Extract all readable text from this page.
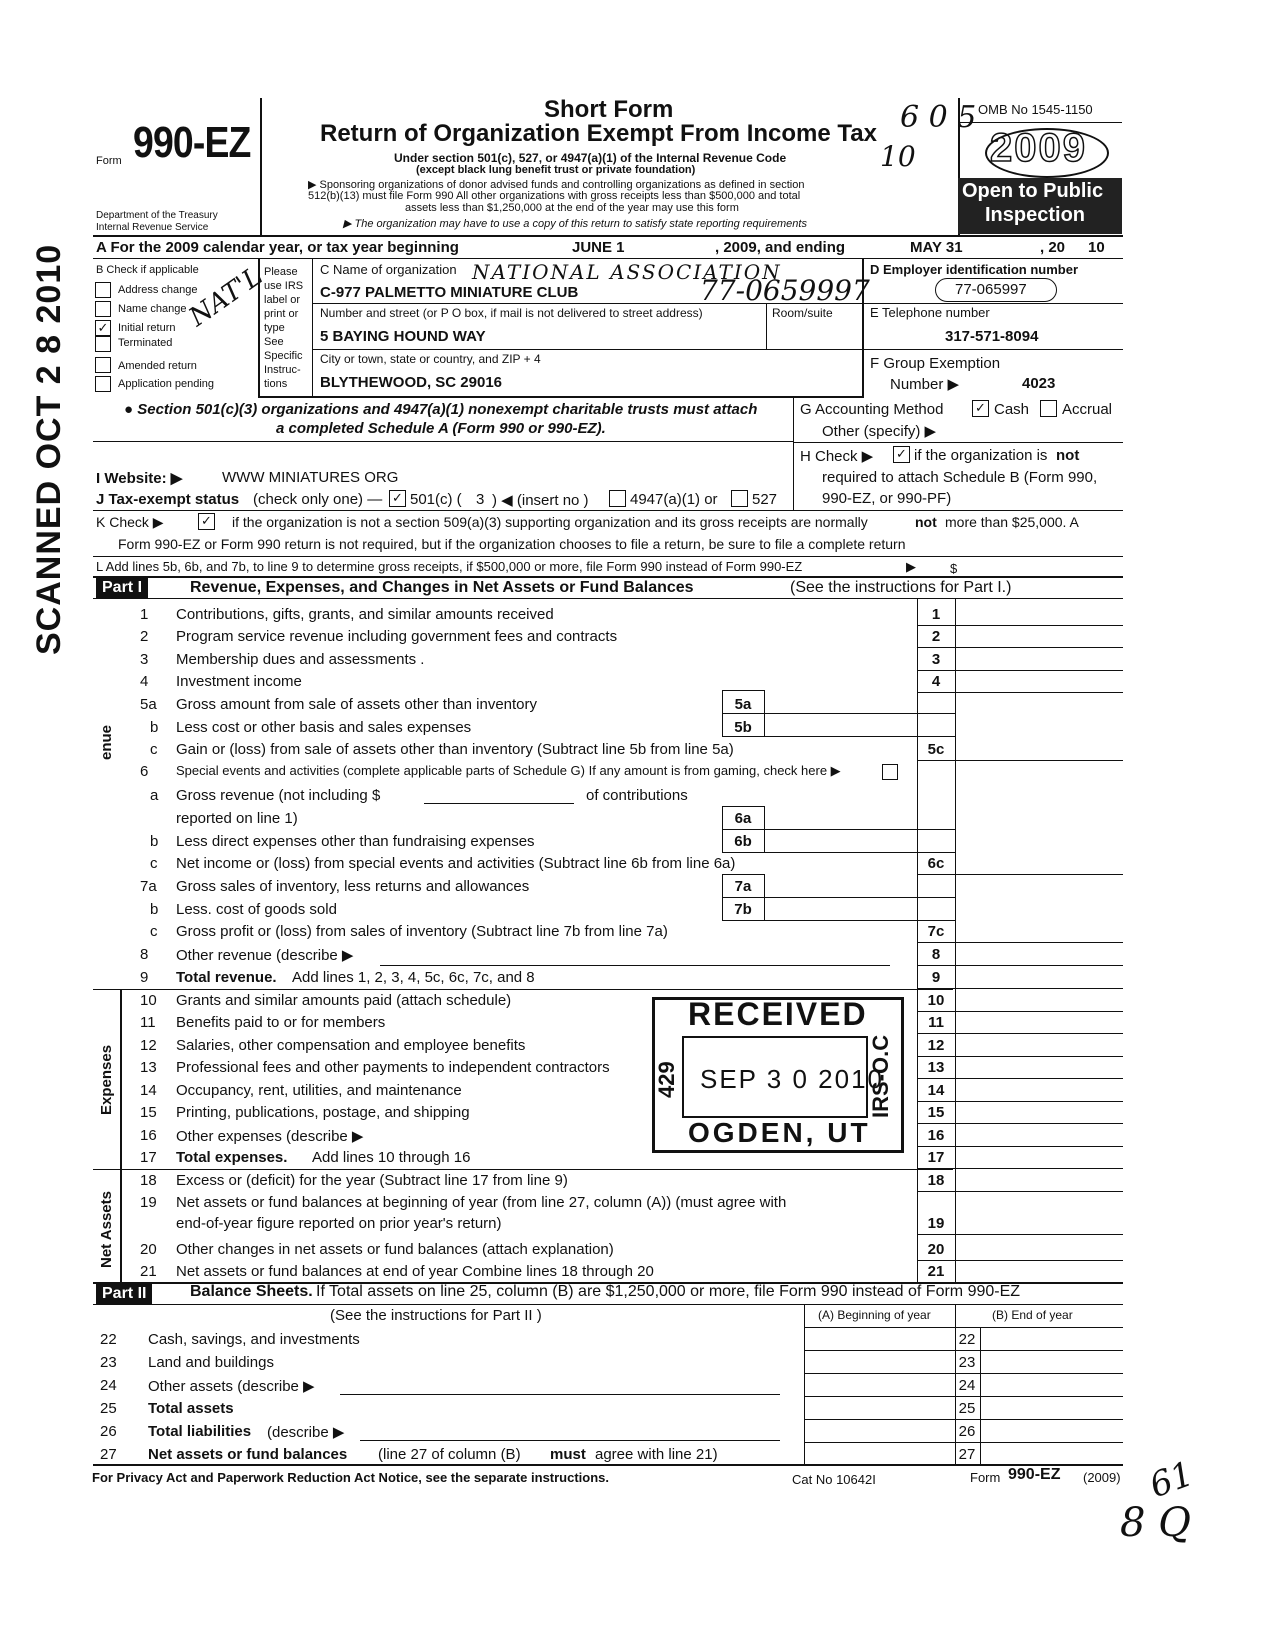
Form 990-EZ
Department of the Treasury
Internal Revenue Service
Short Form
Return of Organization Exempt From Income Tax
Under section 501(c), 527, or 4947(a)(1) of the Internal Revenue Code
(except black lung benefit trust or private foundation)
▶ Sponsoring organizations of donor advised funds and controlling organizations as defined in section
512(b)(13) must file Form 990 All other organizations with gross receipts less than $500,000 and total
assets less than $1,250,000 at the end of the year may use this form
▶ The organization may have to use a copy of this return to satisfy state reporting requirements
OMB No 1545-1150
2009
Open to Public
Inspection
A For the 2009 calendar year, or tax year beginning	JUNE 1	, 2009, and ending	MAY 31	, 20 10
B Check if applicable
Address change
Name change
✓ Initial return
Terminated
Amended return
Application pending
NAT'L
Please
use IRS
label or
print or
type
See
Specific
Instruc-
tions
C Name of organization NATIONAL ASSOCIATION
C-977 PALMETTO MINIATURE CLUB	77-0659997
Number and street (or P O box, if mail is not delivered to street address)	Room/suite
5 BAYING HOUND WAY
City or town, state or country, and ZIP + 4
BLYTHEWOOD, SC 29016
D Employer identification number
77-065997
E Telephone number
317-571-8094
F Group Exemption
Number ▶	4023
● Section 501(c)(3) organizations and 4947(a)(1) nonexempt charitable trusts must attach
a completed Schedule A (Form 990 or 990-EZ).
G Accounting Method ✓ Cash Accrual
Other (specify) ▶
H Check ▶ ✓ if the organization is not
required to attach Schedule B (Form 990,
990-EZ, or 990-PF)
I Website: ▶	WWW MINIATURES ORG
J Tax-exempt status (check only one) — ✓ 501(c) ( 3 ) ◀ (insert no )	4947(a)(1) or 527
K Check ▶	✓ if the organization is not a section 509(a)(3) supporting organization and its gross receipts are normally	not more than $25,000. A
Form 990-EZ or Form 990 return is not required, but if the organization chooses to file a return, be sure to file a complete return
L Add lines 5b, 6b, and 7b, to line 9 to determine gross receipts, if $500,000 or more, file Form 990 instead of Form 990-EZ	▶	$
Part I	Revenue, Expenses, and Changes in Net Assets or Fund Balances	(See the instructions for Part I.)
enue
Expenses
Net Assets
1 Contributions, gifts, grants, and similar amounts received	1
2 Program service revenue including government fees and contracts	2
3 Membership dues and assessments .	3
4 Investment income	4
5a Gross amount from sale of assets other than inventory	5a
b Less cost or other basis and sales expenses	5b
c Gain or (loss) from sale of assets other than inventory (Subtract line 5b from line 5a)	5c
6 Special events and activities (complete applicable parts of Schedule G) If any amount is from gaming, check here ▶
a Gross revenue (not including $	of contributions
reported on line 1)	6a
b Less direct expenses other than fundraising expenses	6b
c Net income or (loss) from special events and activities (Subtract line 6b from line 6a)	6c
7a Gross sales of inventory, less returns and allowances	7a
b Less. cost of goods sold	7b
c Gross profit or (loss) from sales of inventory (Subtract line 7b from line 7a)	7c
8 Other revenue (describe ▶	8
9 Total revenue. Add lines 1, 2, 3, 4, 5c, 6c, 7c, and 8	9
10 Grants and similar amounts paid (attach schedule)	10
11 Benefits paid to or for members	11
12 Salaries, other compensation and employee benefits	12
13 Professional fees and other payments to independent contractors	13
14 Occupancy, rent, utilities, and maintenance	14
15 Printing, publications, postage, and shipping	15
16 Other expenses (describe ▶	16
17 Total expenses. Add lines 10 through 16	17
18 Excess or (deficit) for the year (Subtract line 17 from line 9)	18
19 Net assets or fund balances at beginning of year (from line 27, column (A)) (must agree with
end-of-year figure reported on prior year's return)	19
20 Other changes in net assets or fund balances (attach explanation)	20
21 Net assets or fund balances at end of year Combine lines 18 through 20	21
Part II	Balance Sheets. If Total assets on line 25, column (B) are $1,250,000 or more, file Form 990 instead of Form 990-EZ
(See the instructions for Part II )	(A) Beginning of year	(B) End of year
22 Cash, savings, and investments	22
23 Land and buildings	23
24 Other assets (describe ▶	24
25 Total assets	25
26 Total liabilities (describe ▶	26
27 Net assets or fund balances (line 27 of column (B) must agree with line 21)	27
For Privacy Act and Paperwork Reduction Act Notice, see the separate instructions.	Cat No 10642I	Form 990-EZ (2009)
SCANNED OCT 2 8 2010
RECEIVED
SEP 3 0 2010
OGDEN, UT
429	IRS-O.C
6 0 5
10
61
8 Q
